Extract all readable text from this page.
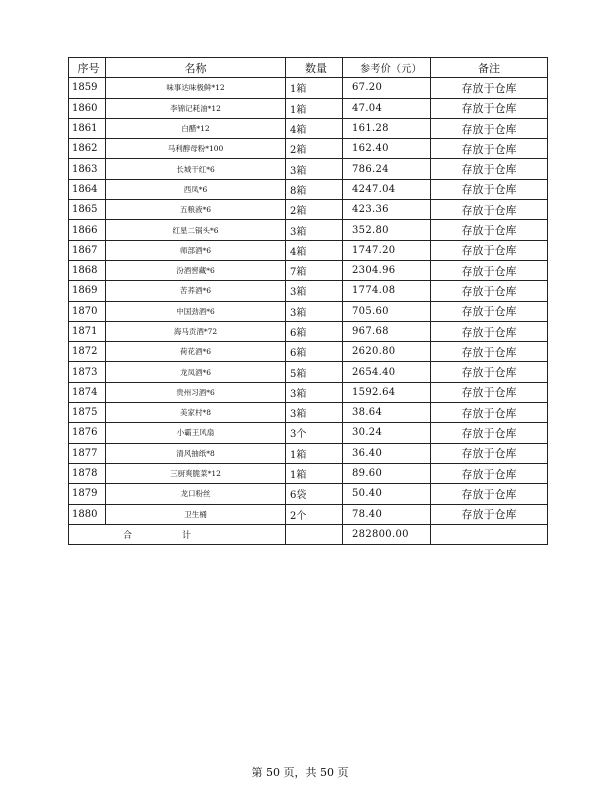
序号	名称	数量	参考价（元）	备注
1859	味事达味极鲜*12	1箱	67.20	存放于仓库
1860	李锦记耗油*12	1箱	47.04	存放于仓库
1861	白醋*12	4箱	161.28	存放于仓库
1862	马利醇母粉*100	2箱	162.40	存放于仓库
1863	长城干红*6	3箱	786.24	存放于仓库
1864	西凤*6	8箱	4247.04	存放于仓库
1865	五粮液*6	2箱	423.36	存放于仓库
1866	红星二锅头*6	3箱	352.80	存放于仓库
1867	师部酒*6	4箱	1747.20	存放于仓库
1868	汾酒窖藏*6	7箱	2304.96	存放于仓库
1869	苦荞酒*6	3箱	1774.08	存放于仓库
1870	中国劲酒*6	3箱	705.60	存放于仓库
1871	海马贡酒*72	6箱	967.68	存放于仓库
1872	荷花酒*6	6箱	2620.80	存放于仓库
1873	龙凤酒*6	5箱	2654.40	存放于仓库
1874	贵州习酒*6	3箱	1592.64	存放于仓库
1875	美家村*8	3箱	38.64	存放于仓库
1876	小霸王风扇	3个	30.24	存放于仓库
1877	清风抽纸*8	1箱	36.40	存放于仓库
1878	三厨爽脆菜*12	1箱	89.60	存放于仓库
1879	龙口粉丝	6袋	50.40	存放于仓库
1880	卫生桶	2个	78.40	存放于仓库
合 计			282800.00	
第 50 页，共 50 页
